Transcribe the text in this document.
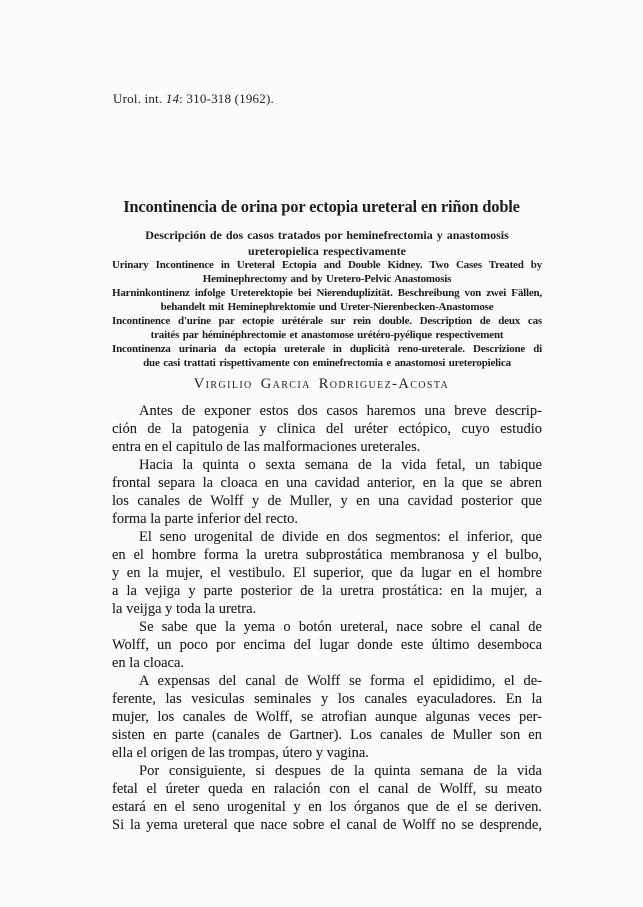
Urol. int. 14: 310-318 (1962).
Incontinencia de orina por ectopia ureteral en riñon doble
Descripción de dos casos tratados por heminefrectomia y anastomosis
ureteropielica respectivamente
Urinary Incontinence in Ureteral Ectopia and Double Kidney. Two Cases Treated by
Heminephrectomy and by Uretero-Pelvic Anastomosis
Harninkontinenz infolge Ureterektopie bei Nierenduplizität. Beschreibung von zwei Fällen,
behandelt mit Heminephrektomie und Ureter-Nierenbecken-Anastomose
Incontinence d'urine par ectopie urétérale sur rein double. Description de deux cas
traités par héminéphrectomie et anastomose urétéro-pyélique respectivement
Incontinenza urinaria da ectopia ureterale in duplicità reno-ureterale. Descrizione di
due casi trattati rispettivamente con eminefrectomia e anastomosi ureteropielica
Virgilio Garcia Rodriguez-Acosta
Antes de exponer estos dos casos haremos una breve descrip-
ción de la patogenia y clinica del uréter ectópico, cuyo estudio
entra en el capitulo de las malformaciones ureterales.
Hacia la quinta o sexta semana de la vida fetal, un tabique
frontal separa la cloaca en una cavidad anterior, en la que se abren
los canales de Wolff y de Muller, y en una cavidad posterior que
forma la parte inferior del recto.
El seno urogenital de divide en dos segmentos: el inferior, que
en el hombre forma la uretra subprostática membranosa y el bulbo,
y en la mujer, el vestibulo. El superior, que da lugar en el hombre
a la vejiga y parte posterior de la uretra prostática: en la mujer, a
la veijga y toda la uretra.
Se sabe que la yema o botón ureteral, nace sobre el canal de
Wolff, un poco por encima del lugar donde este último desemboca
en la cloaca.
A expensas del canal de Wolff se forma el epididimo, el de-
ferente, las vesiculas seminales y los canales eyaculadores. En la
mujer, los canales de Wolff, se atrofian aunque algunas veces per-
sisten en parte (canales de Gartner). Los canales de Muller son en
ella el origen de las trompas, útero y vagina.
Por consiguiente, si despues de la quinta semana de la vida
fetal el úreter queda en ralación con el canal de Wolff, su meato
estará en el seno urogenital y en los órganos que de el se deriven.
Si la yema ureteral que nace sobre el canal de Wolff no se desprende,
